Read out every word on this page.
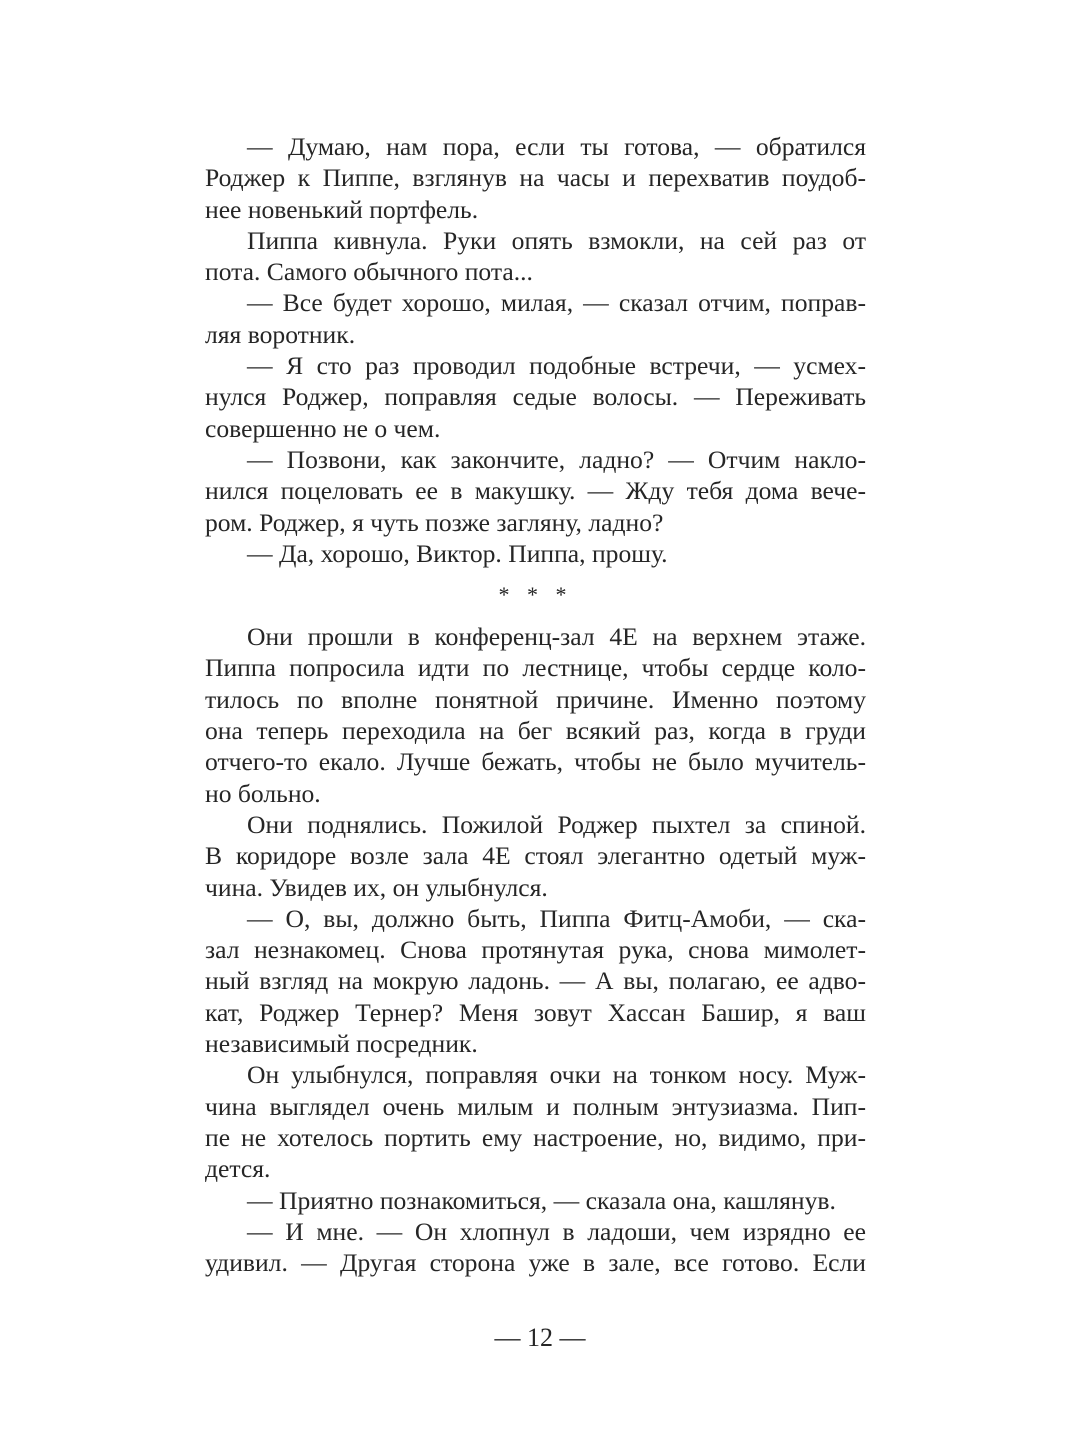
— Думаю, нам пора, если ты готова, — обратился
Роджер к Пиппе, взглянув на часы и перехватив поудоб-
нее новенький портфель.
Пиппа кивнула. Руки опять взмокли, на сей раз от
пота. Самого обычного пота...
— Все будет хорошо, милая, — сказал отчим, поправ-
ляя воротник.
— Я сто раз проводил подобные встречи, — усмех-
нулся Роджер, поправляя седые волосы. — Переживать
совершенно не о чем.
— Позвони, как закончите, ладно? — Отчим накло-
нился поцеловать ее в макушку. — Жду тебя дома вече-
ром. Роджер, я чуть позже загляну, ладно?
— Да, хорошо, Виктор. Пиппа, прошу.
* * *
Они прошли в конференц-зал 4Е на верхнем этаже.
Пиппа попросила идти по лестнице, чтобы сердце коло-
тилось по вполне понятной причине. Именно поэтому
она теперь переходила на бег всякий раз, когда в груди
отчего-то екало. Лучше бежать, чтобы не было мучитель-
но больно.
Они поднялись. Пожилой Роджер пыхтел за спиной.
В коридоре возле зала 4Е стоял элегантно одетый муж-
чина. Увидев их, он улыбнулся.
— О, вы, должно быть, Пиппа Фитц-Амоби, — ска-
зал незнакомец. Снова протянутая рука, снова мимолет-
ный взгляд на мокрую ладонь. — А вы, полагаю, ее адво-
кат, Роджер Тернер? Меня зовут Хассан Башир, я ваш
независимый посредник.
Он улыбнулся, поправляя очки на тонком носу. Муж-
чина выглядел очень милым и полным энтузиазма. Пип-
пе не хотелось портить ему настроение, но, видимо, при-
дется.
— Приятно познакомиться, — сказала она, кашлянув.
— И мне. — Он хлопнул в ладоши, чем изрядно ее
удивил. — Другая сторона уже в зале, все готово. Если
— 12 —
